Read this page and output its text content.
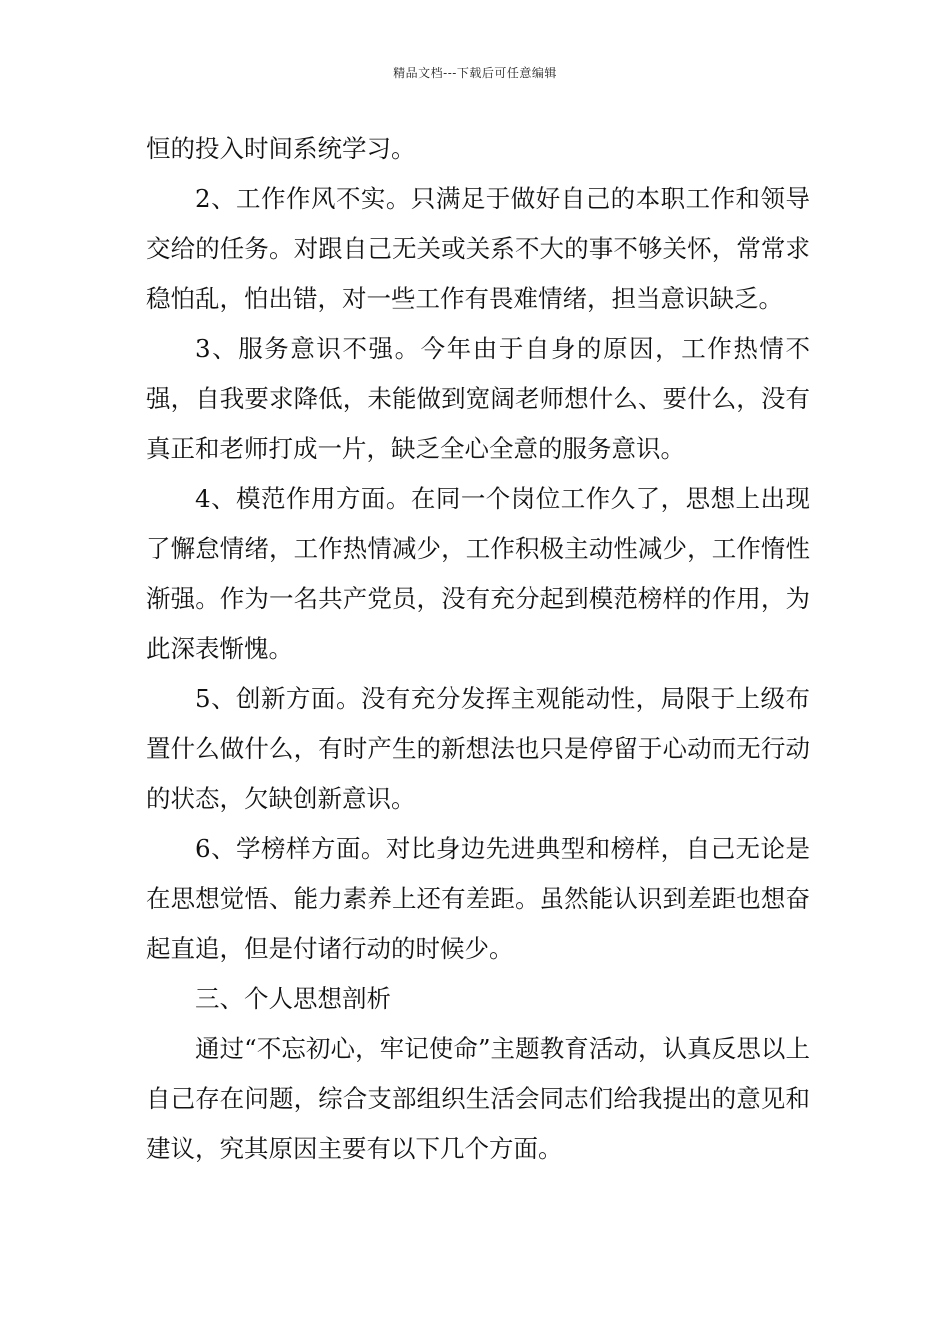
精品文档---下载后可任意编辑

恒的投入时间系统学习。

2、工作作风不实。只满足于做好自己的本职工作和领导交给的任务。对跟自己无关或关系不大的事不够关怀，常常求稳怕乱，怕出错，对一些工作有畏难情绪，担当意识缺乏。

3、服务意识不强。今年由于自身的原因，工作热情不强，自我要求降低，未能做到宽阔老师想什么、要什么，没有真正和老师打成一片，缺乏全心全意的服务意识。

4、模范作用方面。在同一个岗位工作久了，思想上出现了懈怠情绪，工作热情减少，工作积极主动性减少，工作惰性渐强。作为一名共产党员，没有充分起到模范榜样的作用，为此深表惭愧。

5、创新方面。没有充分发挥主观能动性，局限于上级布置什么做什么，有时产生的新想法也只是停留于心动而无行动的状态，欠缺创新意识。

6、学榜样方面。对比身边先进典型和榜样，自己无论是在思想觉悟、能力素养上还有差距。虽然能认识到差距也想奋起直追，但是付诸行动的时候少。

三、个人思想剖析

通过“不忘初心，牢记使命”主题教育活动，认真反思以上自己存在问题，综合支部组织生活会同志们给我提出的意见和建议，究其原因主要有以下几个方面。
